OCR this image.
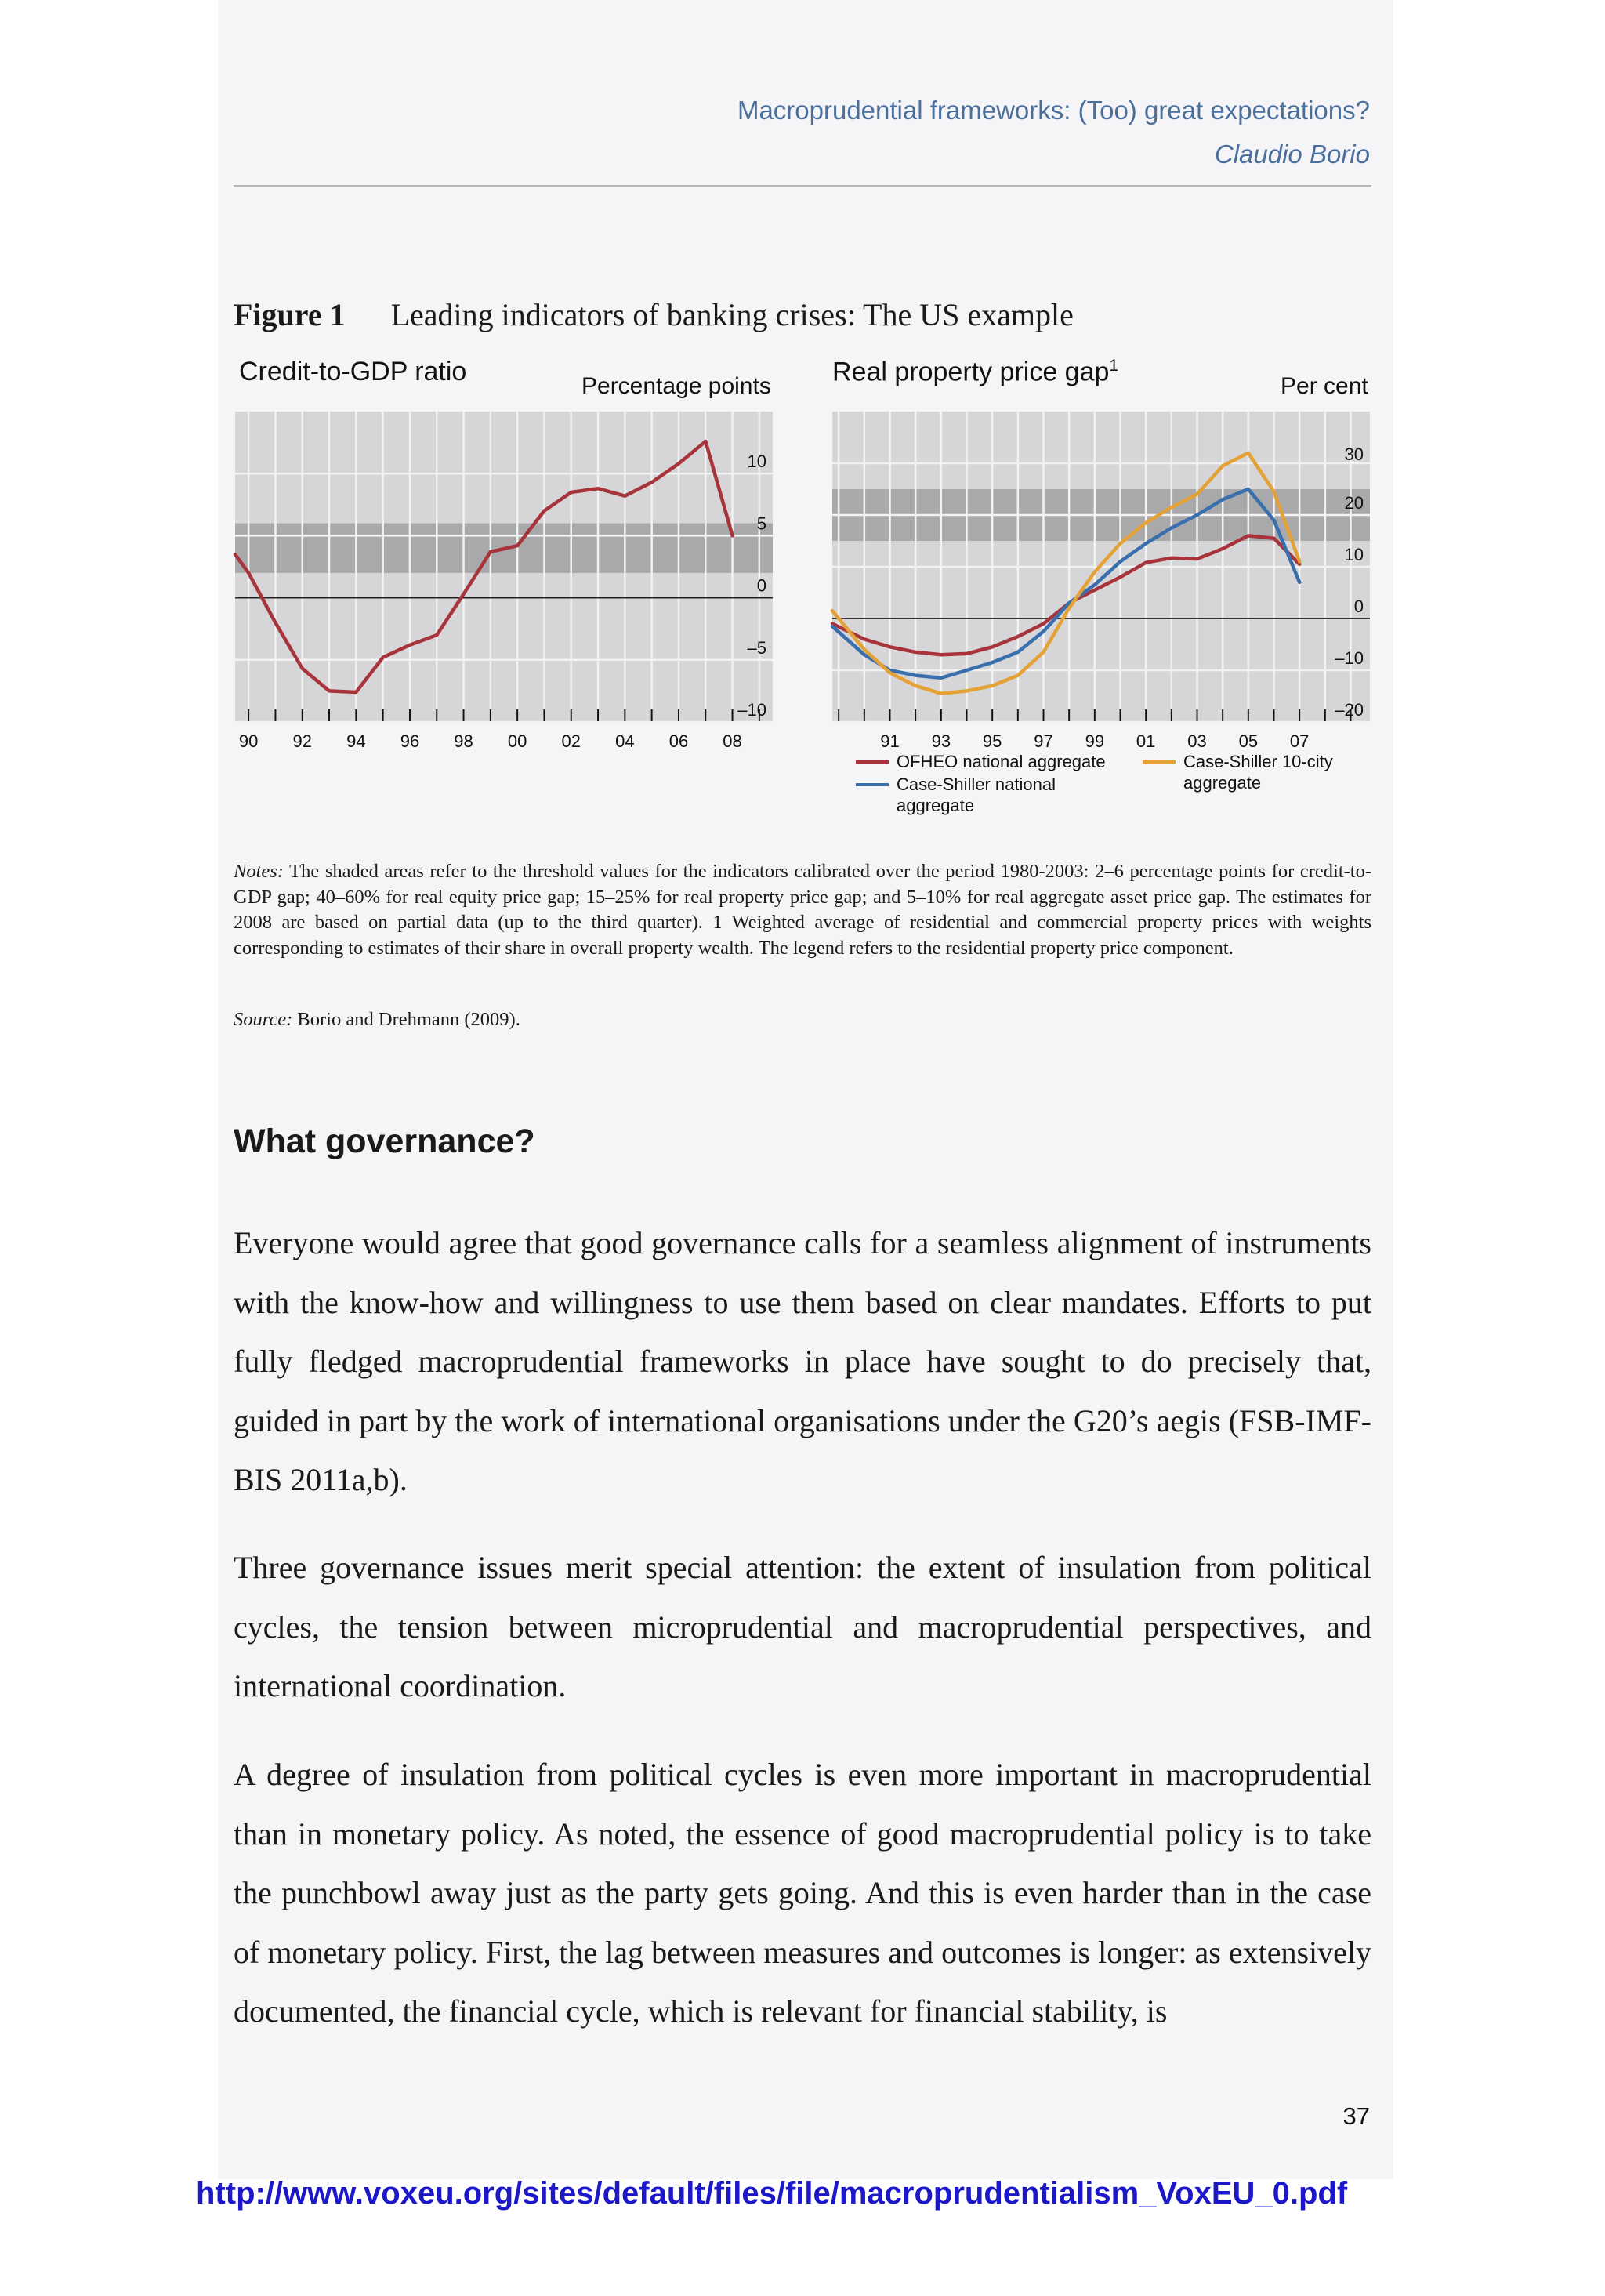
Macroprudential frameworks: (Too) great expectations?
Claudio Borio
Figure 1 Leading indicators of banking crises: The US example
Credit-to-GDP ratio	Percentage points
10
5
0
–5
–10
90 92 94 96 98 00 02 04 06 08
Real property price gap$^1$
Per cent
30
20
10
0
–10
–20
91 93 95 97 99 01 03 05 07
OFHEO national aggregate
Case-Shiller national aggregate
Case-Shiller 10-city aggregate
Notes: The shaded areas refer to the threshold values for the indicators calibrated over the period 1980-2003: 2–6 percentage points for credit-to-GDP gap; 40–60% for real equity price gap; 15–25% for real property price gap; and 5–10% for real aggregate asset price gap. The estimates for 2008 are based on partial data (up to the third quarter). 1 Weighted average of residential and commercial property prices with weights corresponding to estimates of their share in overall property wealth. The legend refers to the residential property price component.
Source: Borio and Drehmann (2009).
What governance?

Everyone would agree that good governance calls for a seamless alignment of instruments with the know-how and willingness to use them based on clear mandates. Efforts to put fully fledged macroprudential frameworks in place have sought to do precisely that, guided in part by the work of international organisations under the G20’s aegis (FSB-IMF-BIS 2011a,b).

Three governance issues merit special attention: the extent of insulation from political cycles, the tension between microprudential and macroprudential perspectives, and international coordination.

A degree of insulation from political cycles is even more important in macroprudential than in monetary policy. As noted, the essence of good macroprudential policy is to take the punchbowl away just as the party gets going. And this is even harder than in the case of monetary policy. First, the lag between measures and outcomes is longer: as extensively documented, the financial cycle, which is relevant for financial stability, is

37
http://www.voxeu.org/sites/default/files/file/macroprudentialism_VoxEU_0.pdf
